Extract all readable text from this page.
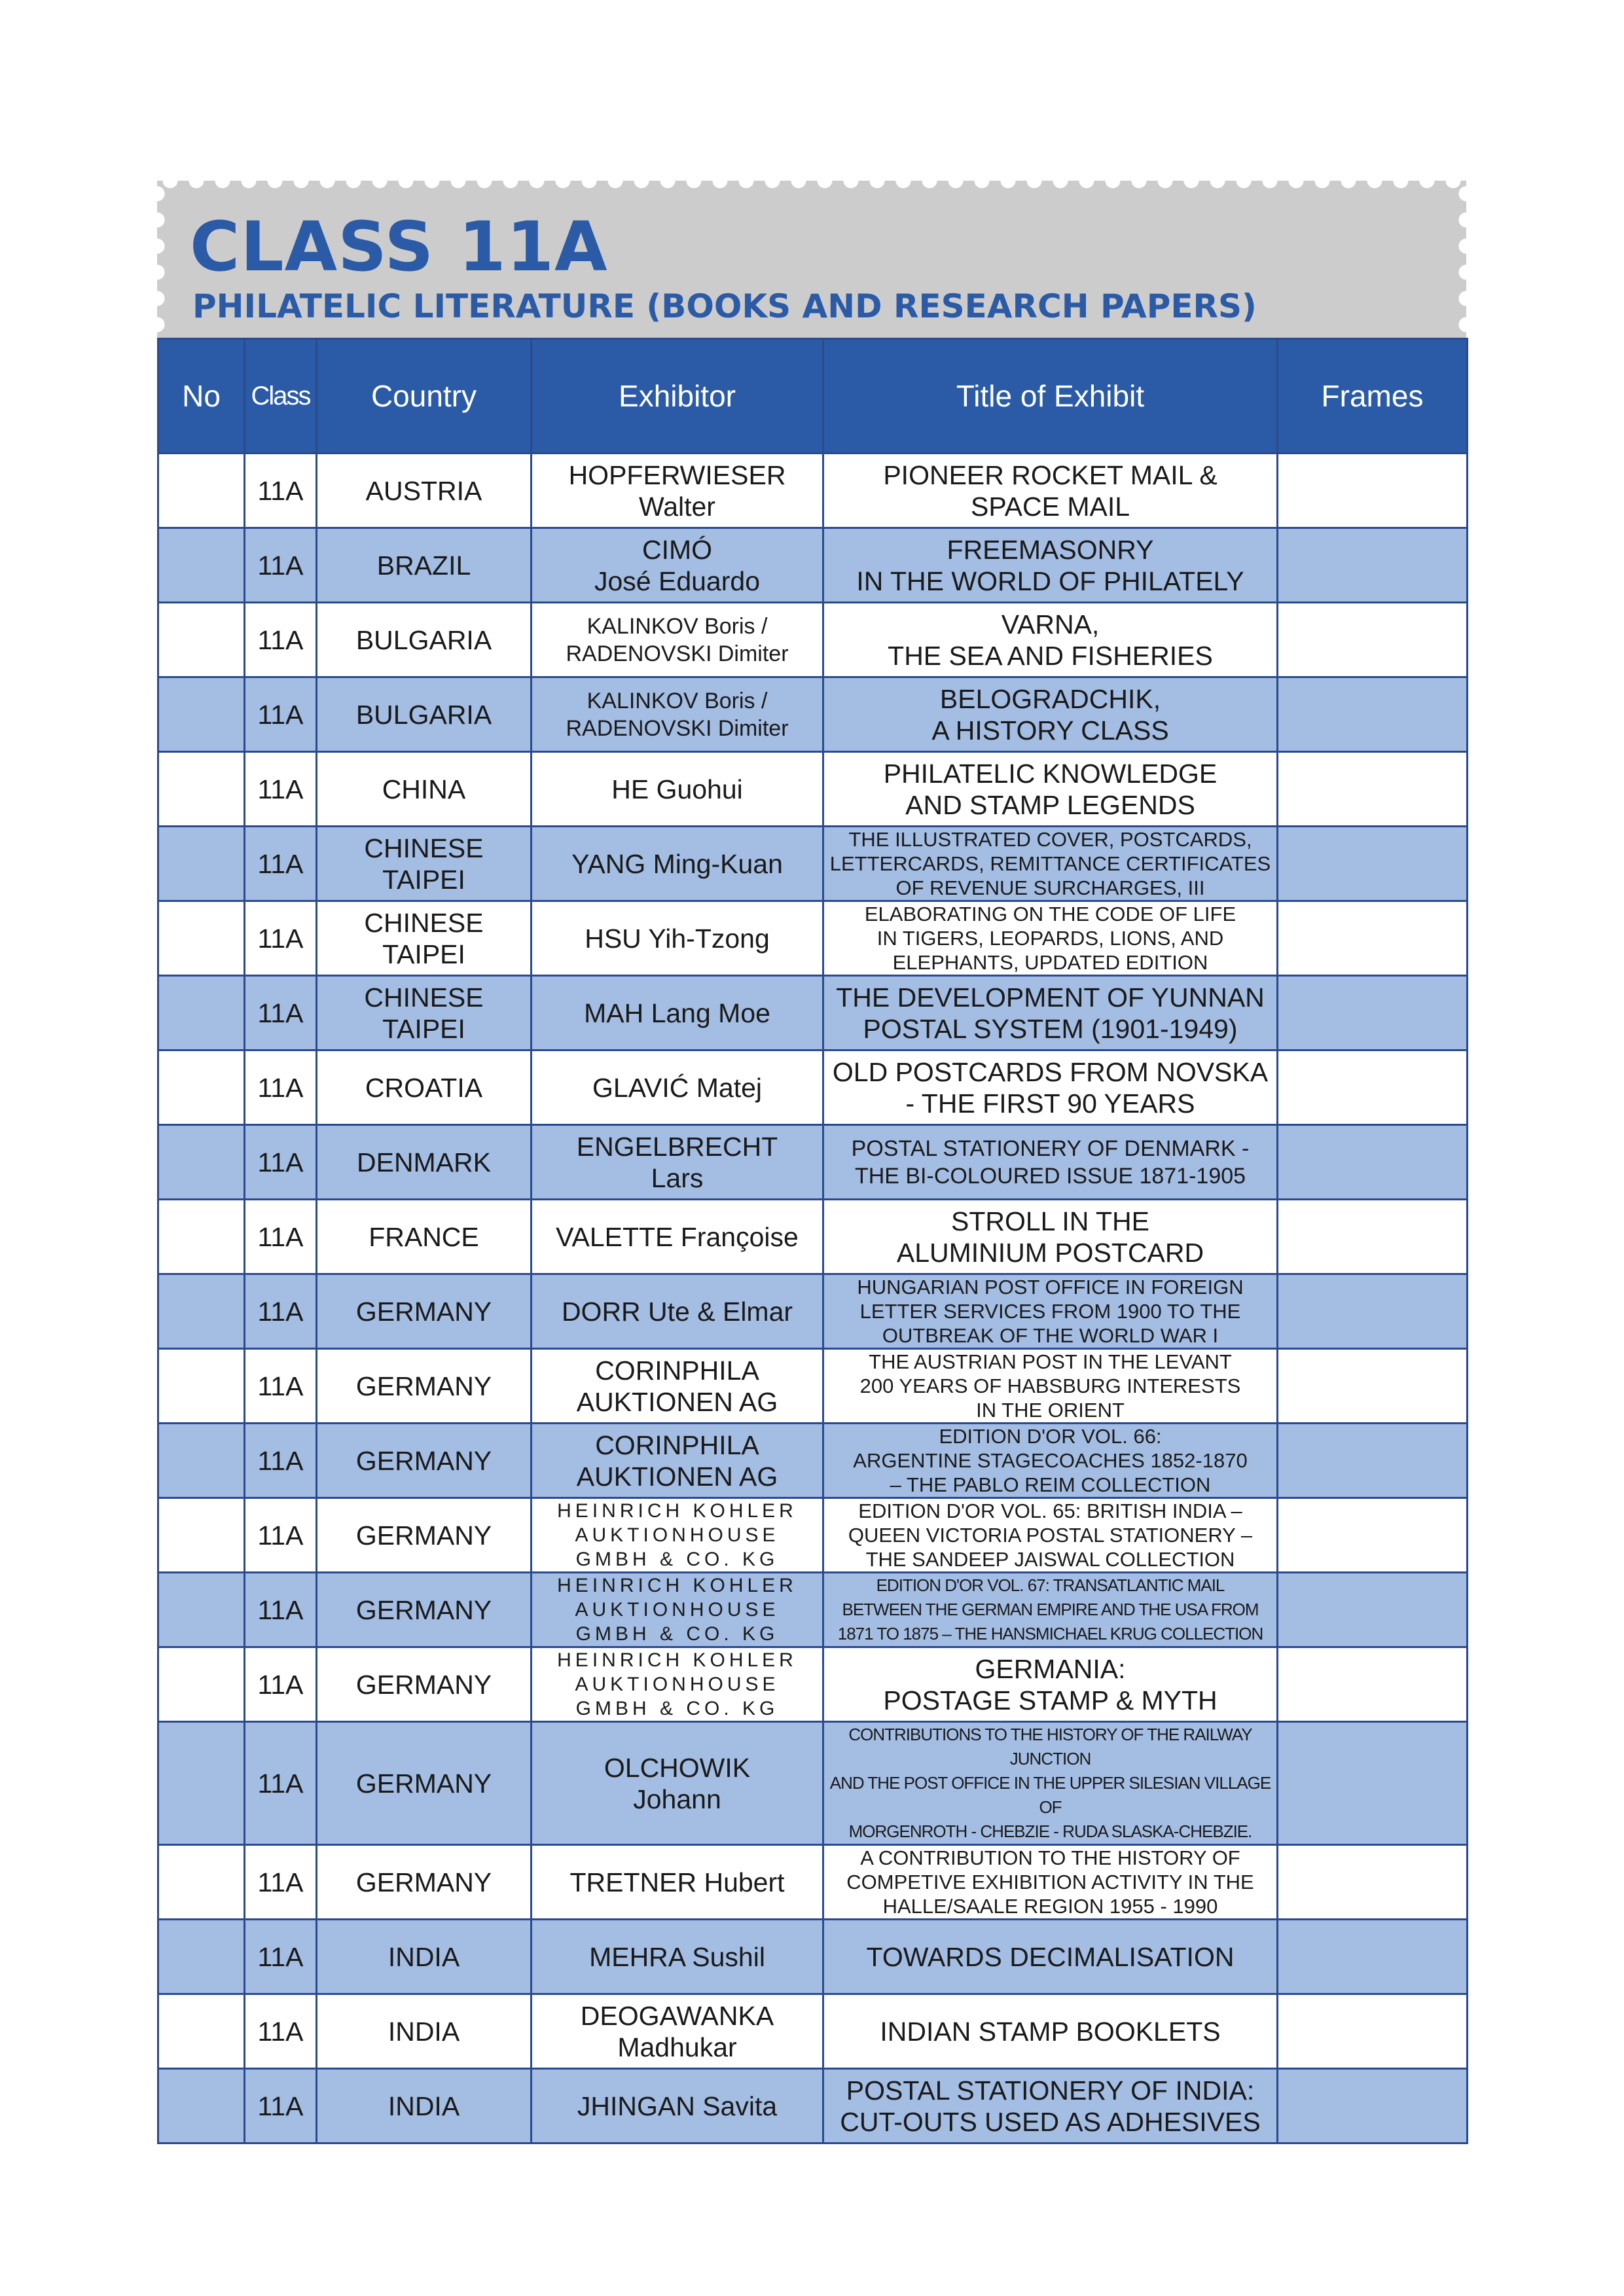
CLASS 11A
PHILATELIC LITERATURE (BOOKS AND RESEARCH PAPERS)
No	Class	Country	Exhibitor	Title of Exhibit	Frames
	11A	AUSTRIA	HOPFERWIESER
Walter	PIONEER ROCKET MAIL &
SPACE MAIL	
	11A	BRAZIL	CIMÓ
José Eduardo	FREEMASONRY
IN THE WORLD OF PHILATELY	
	11A	BULGARIA	KALINKOV Boris /
RADENOVSKI Dimiter	VARNA,
THE SEA AND FISHERIES	
	11A	BULGARIA	KALINKOV Boris /
RADENOVSKI Dimiter	BELOGRADCHIK,
A HISTORY CLASS	
	11A	CHINA	HE Guohui	PHILATELIC KNOWLEDGE
AND STAMP LEGENDS	
	11A	CHINESE
TAIPEI	YANG Ming-Kuan	THE ILLUSTRATED COVER, POSTCARDS,
LETTERCARDS, REMITTANCE CERTIFICATES
OF REVENUE SURCHARGES, III	
	11A	CHINESE
TAIPEI	HSU Yih-Tzong	ELABORATING ON THE CODE OF LIFE
IN TIGERS, LEOPARDS, LIONS, AND
ELEPHANTS, UPDATED EDITION	
	11A	CHINESE
TAIPEI	MAH Lang Moe	THE DEVELOPMENT OF YUNNAN
POSTAL SYSTEM (1901-1949)	
	11A	CROATIA	GLAVIĆ Matej	OLD POSTCARDS FROM NOVSKA
- THE FIRST 90 YEARS	
	11A	DENMARK	ENGELBRECHT
Lars	POSTAL STATIONERY OF DENMARK -
THE BI-COLOURED ISSUE 1871-1905	
	11A	FRANCE	VALETTE Françoise	STROLL IN THE
ALUMINIUM POSTCARD	
	11A	GERMANY	DORR Ute & Elmar	HUNGARIAN POST OFFICE IN FOREIGN
LETTER SERVICES FROM 1900 TO THE
OUTBREAK OF THE WORLD WAR I	
	11A	GERMANY	CORINPHILA
AUKTIONEN AG	THE AUSTRIAN POST IN THE LEVANT
200 YEARS OF HABSBURG INTERESTS
IN THE ORIENT	
	11A	GERMANY	CORINPHILA
AUKTIONEN AG	EDITION D'OR VOL. 66:
ARGENTINE STAGECOACHES 1852-1870
– THE PABLO REIM COLLECTION	
	11A	GERMANY	HEINRICH KOHLER
AUKTIONHOUSE
GMBH & CO. KG	EDITION D'OR VOL. 65: BRITISH INDIA –
QUEEN VICTORIA POSTAL STATIONERY –
THE SANDEEP JAISWAL COLLECTION	
	11A	GERMANY	HEINRICH KOHLER
AUKTIONHOUSE
GMBH & CO. KG	EDITION D'OR VOL. 67: TRANSATLANTIC MAIL
BETWEEN THE GERMAN EMPIRE AND THE USA FROM
1871 TO 1875 – THE HANSMICHAEL KRUG COLLECTION	
	11A	GERMANY	HEINRICH KOHLER
AUKTIONHOUSE
GMBH & CO. KG	GERMANIA:
POSTAGE STAMP & MYTH	
	11A	GERMANY	OLCHOWIK
Johann	CONTRIBUTIONS TO THE HISTORY OF THE RAILWAY JUNCTION
AND THE POST OFFICE IN THE UPPER SILESIAN VILLAGE OF
MORGENROTH - CHEBZIE - RUDA SLASKA-CHEBZIE.	
	11A	GERMANY	TRETNER Hubert	A CONTRIBUTION TO THE HISTORY OF
COMPETIVE EXHIBITION ACTIVITY IN THE
HALLE/SAALE REGION 1955 - 1990	
	11A	INDIA	MEHRA Sushil	TOWARDS DECIMALISATION	
	11A	INDIA	DEOGAWANKA
Madhukar	INDIAN STAMP BOOKLETS	
	11A	INDIA	JHINGAN Savita	POSTAL STATIONERY OF INDIA:
CUT-OUTS USED AS ADHESIVES	
